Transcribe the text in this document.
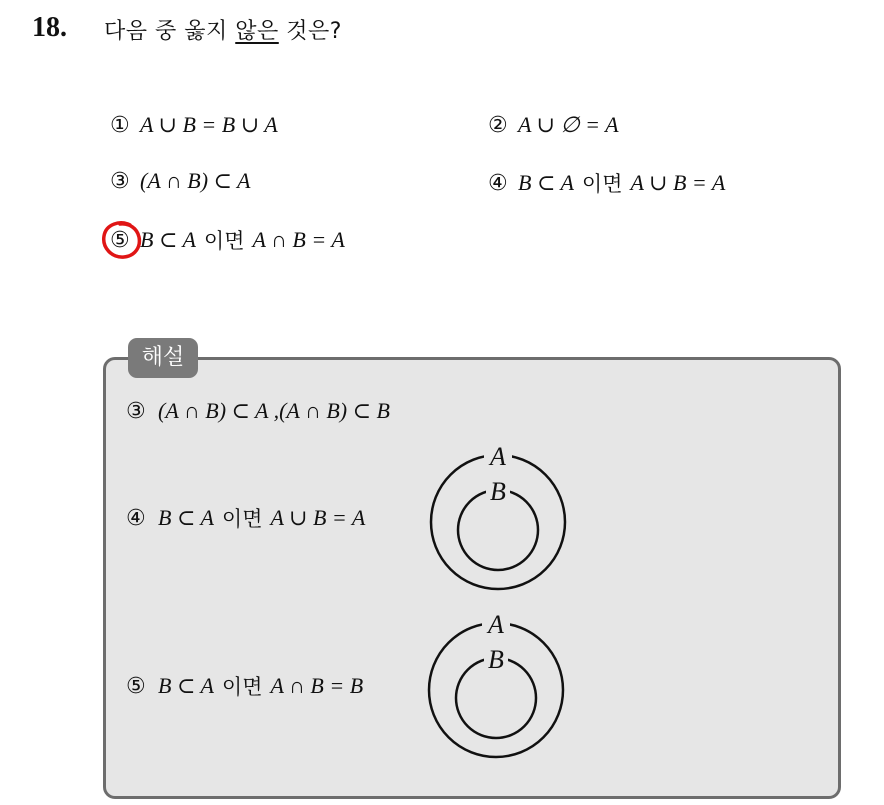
18. 다음 중 옳지 않은 것은?
① A ∪ B = B ∪ A	② A ∪ ∅ = A
③ (A ∩ B) ⊂ A	④ B ⊂ A 이면 A ∪ B = A
⑤ B ⊂ A 이면 A ∩ B = A
해설
③ (A ∩ B) ⊂ A ,(A ∩ B) ⊂ B
④ B ⊂ A 이면 A ∪ B = A
⑤ B ⊂ A 이면 A ∩ B = B
A
B
A
B
